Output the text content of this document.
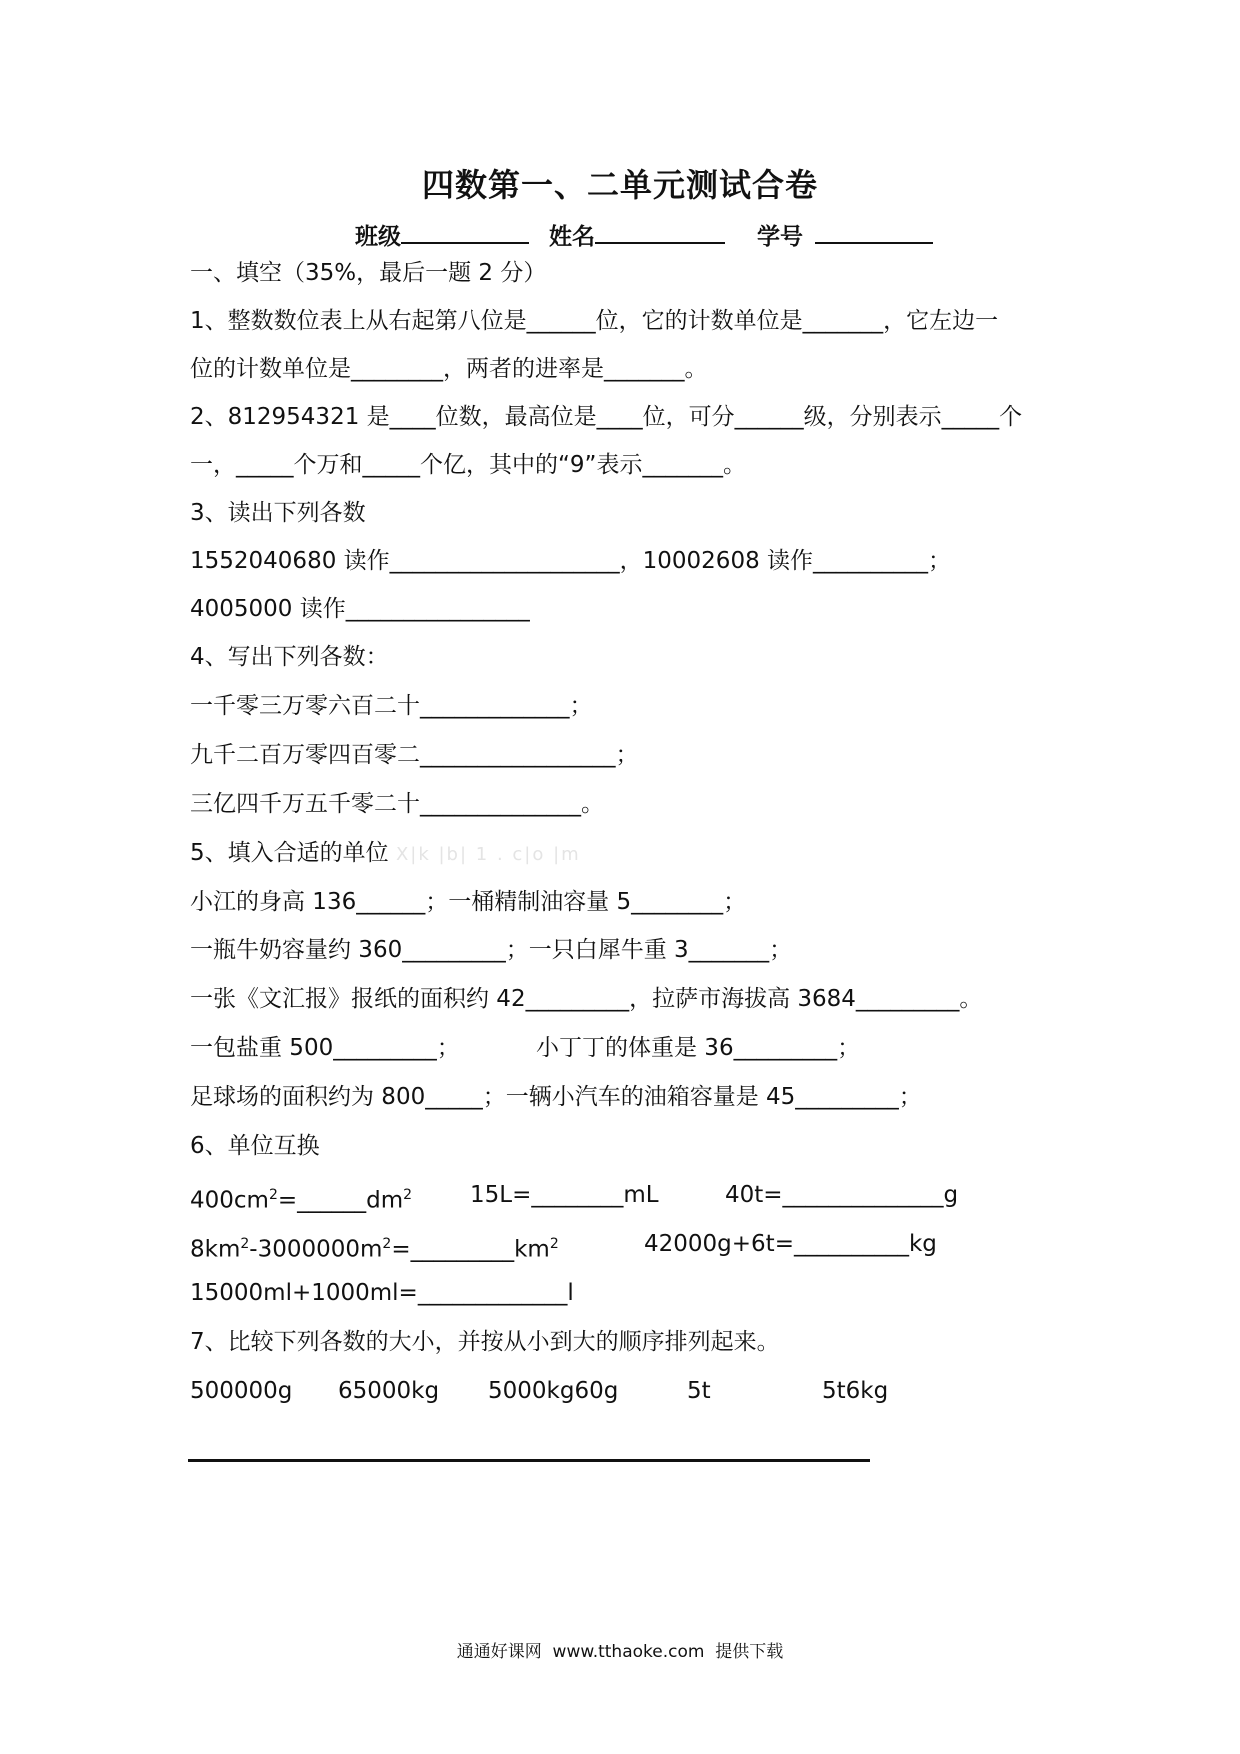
四数第一、二单元测试合卷
班级	姓名	学号
一、填空（35%，最后一题 2 分）
1、整数数位表上从右起第八位是______位，它的计数单位是_______，它左边一
位的计数单位是________，两者的进率是_______。
2、812954321 是____位数，最高位是____位，可分______级，分别表示_____个
一，_____个万和_____个亿，其中的“9”表示_______。
3、读出下列各数
1552040680 读作____________________，10002608 读作__________；
4005000 读作________________
4、写出下列各数：
一千零三万零六百二十_____________；
九千二百万零四百零二_________________；
三亿四千万五千零二十______________。
5、填入合适的单位 X|k |b| 1 . c|o |m
小江的身高 136______；一桶精制油容量 5________；
一瓶牛奶容量约 360_________；一只白犀牛重 3_______；
一张《文汇报》报纸的面积约 42_________，拉萨市海拔高 3684_________。
一包盐重 500_________；	小丁丁的体重是 36_________；
足球场的面积约为 800_____；一辆小汽车的油箱容量是 45_________；
6、单位互换
$400cm^2=\_\_\_\_\_\_dm^2$	15L=________mL	40t=______________g
$8km^2-3000000m^2=\_\_\_\_\_\_\_\_\_km^2$	42000g+6t=__________kg
15000ml+1000ml=_____________l
7、比较下列各数的大小，并按从小到大的顺序排列起来。
500000g 65000kg 5000kg60g	5t	5t6kg
通通好课网  www.tthaoke.com  提供下载
